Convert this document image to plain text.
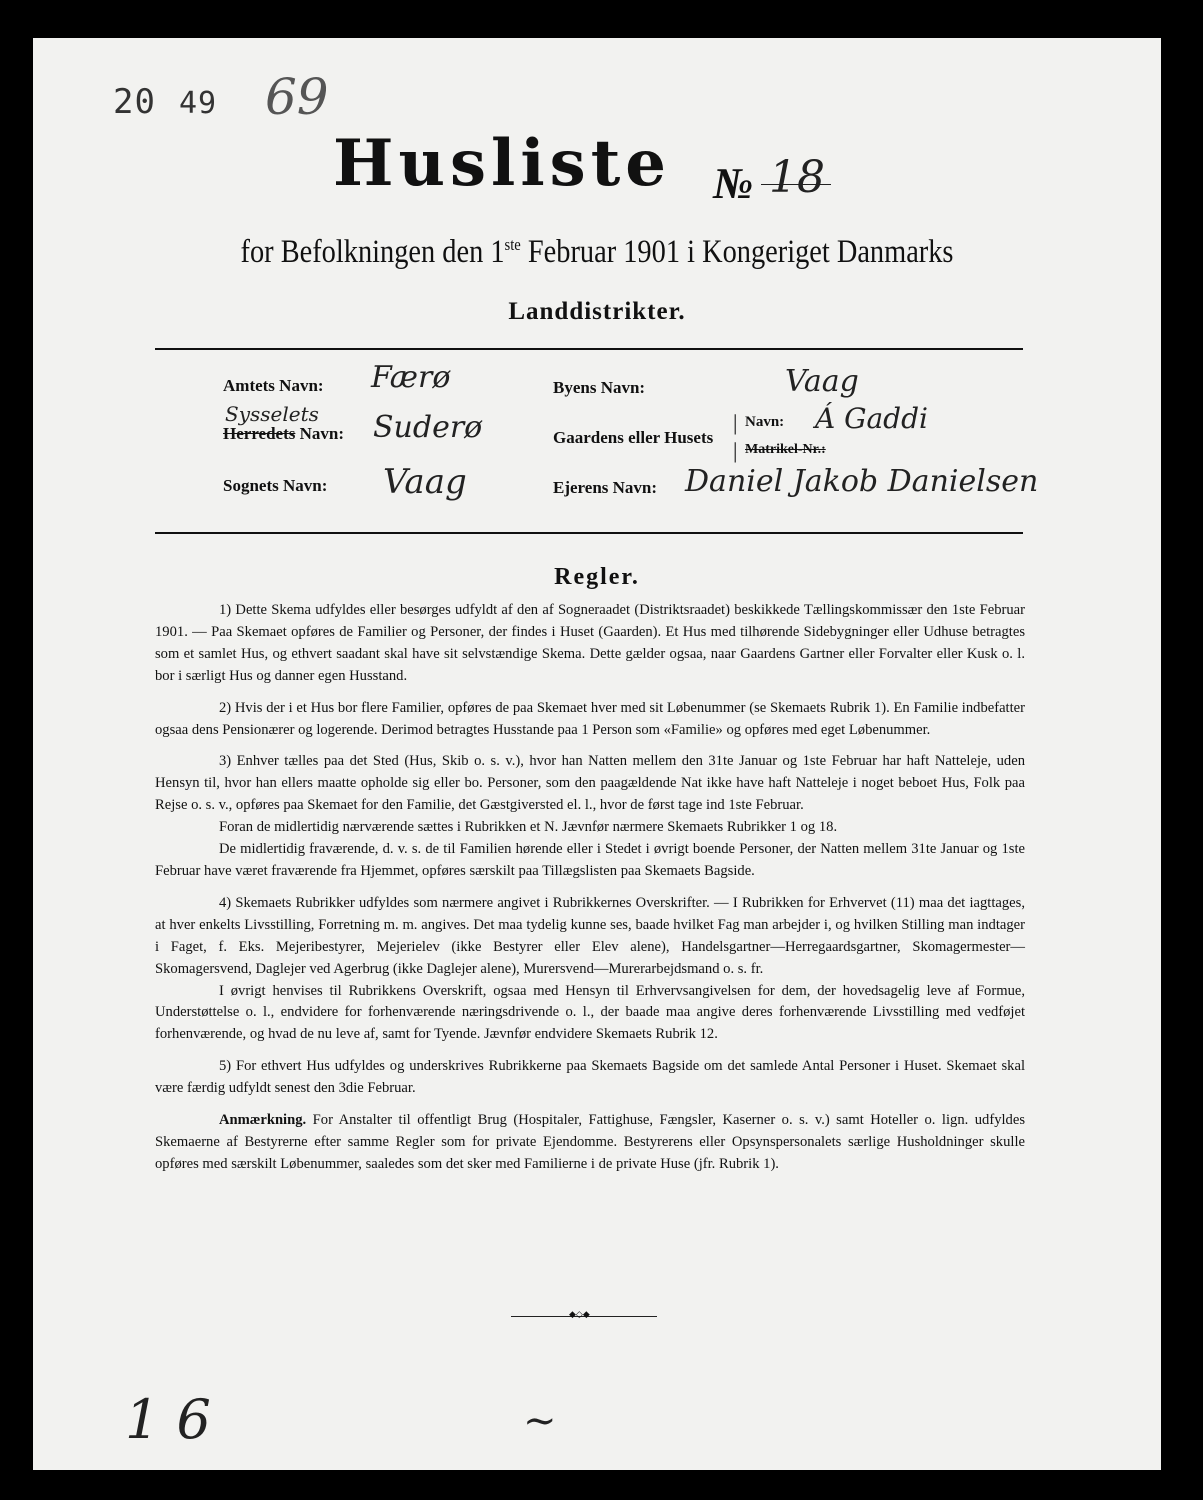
20 49 69
Husliste № 18
for Befolkningen den 1ste Februar 1901 i Kongeriget Danmarks
Landdistrikter.
Amtets Navn: Færø
Sysselets
Herredets Navn: Suderø
Sognets Navn: Vaag
Byens Navn:	Vaag
Gaardens eller Husets
|
|
Navn: Á Gaddi
Matrikel-Nr.:
Ejerens Navn: Daniel Jakob Danielsen
Regler.

1) Dette Skema udfyldes eller besørges udfyldt af den af Sogneraadet (Distriktsraadet) beskikkede Tællingskommissær den 1ste Februar 1901. — Paa Skemaet opføres de Familier og Personer, der findes i Huset (Gaarden). Et Hus med tilhørende Sidebygninger eller Udhuse betragtes som et samlet Hus, og ethvert saadant skal have sit selvstændige Skema. Dette gælder ogsaa, naar Gaardens Gartner eller Forvalter eller Kusk o. l. bor i særligt Hus og danner egen Husstand.

2) Hvis der i et Hus bor flere Familier, opføres de paa Skemaet hver med sit Løbenummer (se Skemaets Rubrik 1). En Familie indbefatter ogsaa dens Pensionærer og logerende. Derimod betragtes Husstande paa 1 Person som «Familie» og opføres med eget Løbenummer.

3) Enhver tælles paa det Sted (Hus, Skib o. s. v.), hvor han Natten mellem den 31te Januar og 1ste Februar har haft Natteleje, uden Hensyn til, hvor han ellers maatte opholde sig eller bo. Personer, som den paagældende Nat ikke have haft Natteleje i noget beboet Hus, Folk paa Rejse o. s. v., opføres paa Skemaet for den Familie, det Gæstgiversted el. l., hvor de først tage ind 1ste Februar.

Foran de midlertidig nærværende sættes i Rubrikken et N. Jævnfør nærmere Skemaets Rubrikker 1 og 18.

De midlertidig fraværende, d. v. s. de til Familien hørende eller i Stedet i øvrigt boende Personer, der Natten mellem 31te Januar og 1ste Februar have været fraværende fra Hjemmet, opføres særskilt paa Tillægslisten paa Skemaets Bagside.

4) Skemaets Rubrikker udfyldes som nærmere angivet i Rubrikkernes Overskrifter. — I Rubrikken for Erhvervet (11) maa det iagttages, at hver enkelts Livsstilling, Forretning m. m. angives. Det maa tydelig kunne ses, baade hvilket Fag man arbejder i, og hvilken Stilling man indtager i Faget, f. Eks. Mejeribestyrer, Mejerielev (ikke Bestyrer eller Elev alene), Handelsgartner—Herregaardsgartner, Skomagermester—Skomagersvend, Daglejer ved Agerbrug (ikke Daglejer alene), Murersvend—Murerarbejdsmand o. s. fr.

I øvrigt henvises til Rubrikkens Overskrift, ogsaa med Hensyn til Erhvervsangivelsen for dem, der hovedsagelig leve af Formue, Understøttelse o. l., endvidere for forhenværende næringsdrivende o. l., der baade maa angive deres forhenværende Livsstilling med vedføjet forhenværende, og hvad de nu leve af, samt for Tyende. Jævnfør endvidere Skemaets Rubrik 12.

5) For ethvert Hus udfyldes og underskrives Rubrikkerne paa Skemaets Bagside om det samlede Antal Personer i Huset. Skemaet skal være færdig udfyldt senest den 3die Februar.

Anmærkning. For Anstalter til offentligt Brug (Hospitaler, Fattighuse, Fængsler, Kaserner o. s. v.) samt Hoteller o. lign. udfyldes Skemaerne af Bestyrerne efter samme Regler som for private Ejendomme. Bestyrerens eller Opsynspersonalets særlige Husholdninger skulle opføres med særskilt Løbenummer, saaledes som det sker med Familierne i de private Huse (jfr. Rubrik 1).

◆◇◆
1 6	∼
